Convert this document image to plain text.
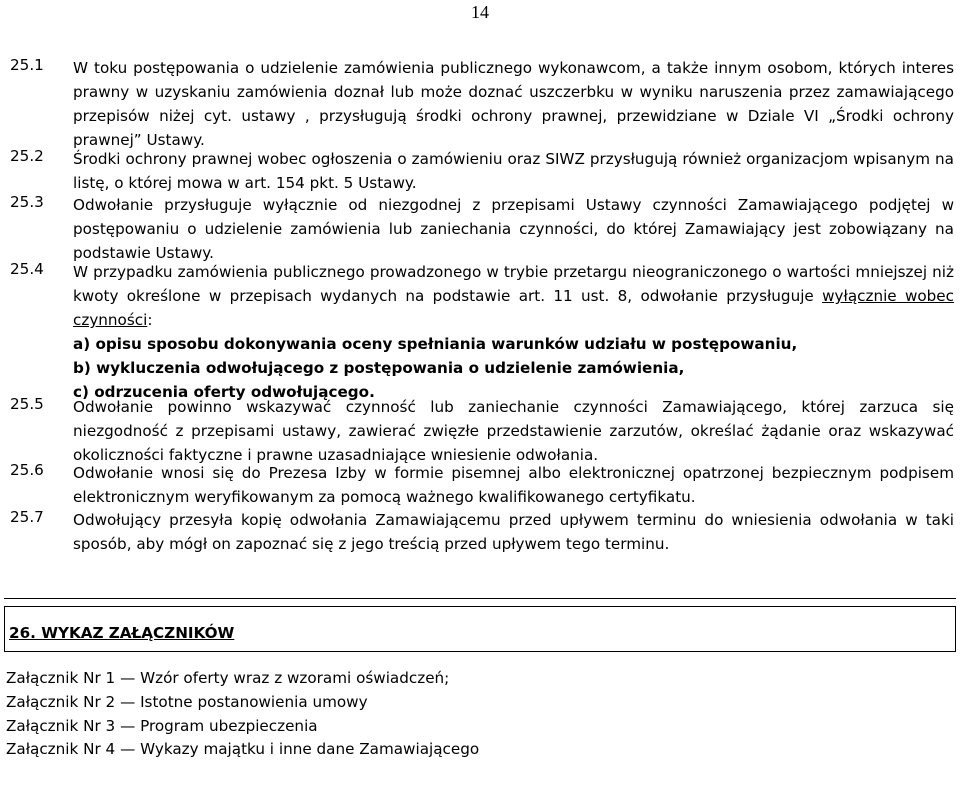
14
25.1 W toku postępowania o udzielenie zamówienia publicznego wykonawcom, a także innym osobom, których interes prawny w uzyskaniu zamówienia doznał lub może doznać uszczerbku w wyniku naruszenia przez zamawiającego przepisów niżej cyt. ustawy , przysługują środki ochrony prawnej, przewidziane w Dziale VI „Środki ochrony prawnej” Ustawy.
25.2 Środki ochrony prawnej wobec ogłoszenia o zamówieniu oraz SIWZ przysługują również organizacjom wpisanym na listę, o której mowa w art. 154 pkt. 5 Ustawy.
25.3 Odwołanie przysługuje wyłącznie od niezgodnej z przepisami Ustawy czynności Zamawiającego podjętej w postępowaniu o udzielenie zamówienia lub zaniechania czynności, do której Zamawiający jest zobowiązany na podstawie Ustawy.
25.4 W przypadku zamówienia publicznego prowadzonego w trybie przetargu nieograniczonego o wartości mniejszej niż kwoty określone w przepisach wydanych na podstawie art. 11 ust. 8, odwołanie przysługuje wyłącznie wobec czynności:
a) opisu sposobu dokonywania oceny spełniania warunków udziału w postępowaniu,
b) wykluczenia odwołującego z postępowania o udzielenie zamówienia,
c) odrzucenia oferty odwołującego.
25.5 Odwołanie powinno wskazywać czynność lub zaniechanie czynności Zamawiającego, której zarzuca się niezgodność z przepisami ustawy, zawierać zwięzłe przedstawienie zarzutów, określać żądanie oraz wskazywać okoliczności faktyczne i prawne uzasadniające wniesienie odwołania.
25.6 Odwołanie wnosi się do Prezesa Izby w formie pisemnej albo elektronicznej opatrzonej bezpiecznym podpisem elektronicznym weryfikowanym za pomocą ważnego kwalifikowanego certyfikatu.
25.7 Odwołujący przesyła kopię odwołania Zamawiającemu przed upływem terminu do wniesienia odwołania w taki sposób, aby mógł on zapoznać się z jego treścią przed upływem tego terminu.
26. WYKAZ ZAŁĄCZNIKÓW
Załącznik Nr 1 — Wzór oferty wraz z wzorami oświadczeń;
Załącznik Nr 2 — Istotne postanowienia umowy
Załącznik Nr 3 — Program ubezpieczenia
Załącznik Nr 4 — Wykazy majątku i inne dane Zamawiającego
